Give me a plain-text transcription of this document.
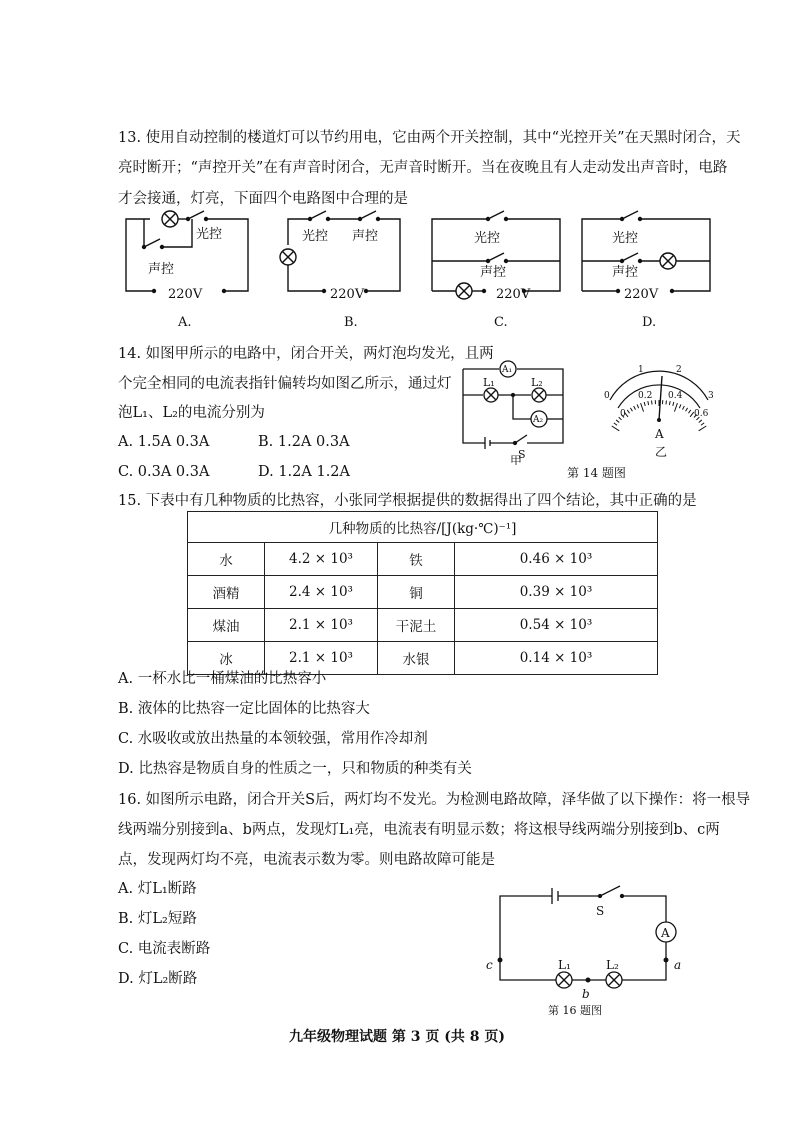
13. 使用自动控制的楼道灯可以节约用电，它由两个开关控制，其中“光控开关”在天黑时闭合，天
亮时断开；“声控开关”在有声音时闭合，无声音时断开。当在夜晚且有人走动发出声音时，电路
才会接通，灯亮，下面四个电路图中合理的是
光控
声控
220V
光控 声控
220V
光控
声控
220V
光控
声控
220V
A.	B.	C.	D.
14. 如图甲所示的电路中，闭合开关，两灯泡均发光，且两
个完全相同的电流表指针偏转均如图乙所示，通过灯
泡L₁、L₂的电流分别为
A. 1.5A 0.3A	B. 1.2A 0.3A
C. 0.3A 0.3A	D. 1.2A 1.2A
A₁
A₂
L₁	L₂
S
甲
0
1	2
3
0
0.2 0.4
0.6
A
乙
第 14 题图
15. 下表中有几种物质的比热容，小张同学根据提供的数据得出了四个结论，其中正确的是
几种物质的比热容/[J(kg·℃)⁻¹]			
水	4.2 × 10³	铁	0.46 × 10³
酒精	2.4 × 10³	铜	0.39 × 10³
煤油	2.1 × 10³	干泥土	0.54 × 10³
冰	2.1 × 10³	水银	0.14 × 10³
A. 一杯水比一桶煤油的比热容小
B. 液体的比热容一定比固体的比热容大
C. 水吸收或放出热量的本领较强，常用作冷却剂
D. 比热容是物质自身的性质之一，只和物质的种类有关
16. 如图所示电路，闭合开关S后，两灯均不发光。为检测电路故障，泽华做了以下操作：将一根导
线两端分别接到a、b两点，发现灯L₁亮，电流表有明显示数；将这根导线两端分别接到b、c两
点，发现两灯均不亮，电流表示数为零。则电路故障可能是
A. 灯L₁断路
B. 灯L₂短路
C. 电流表断路
D. 灯L₂断路
S
A
L₁	L₂	a
b
c
第 16 题图
九年级物理试题 第 3 页 (共 8 页)
